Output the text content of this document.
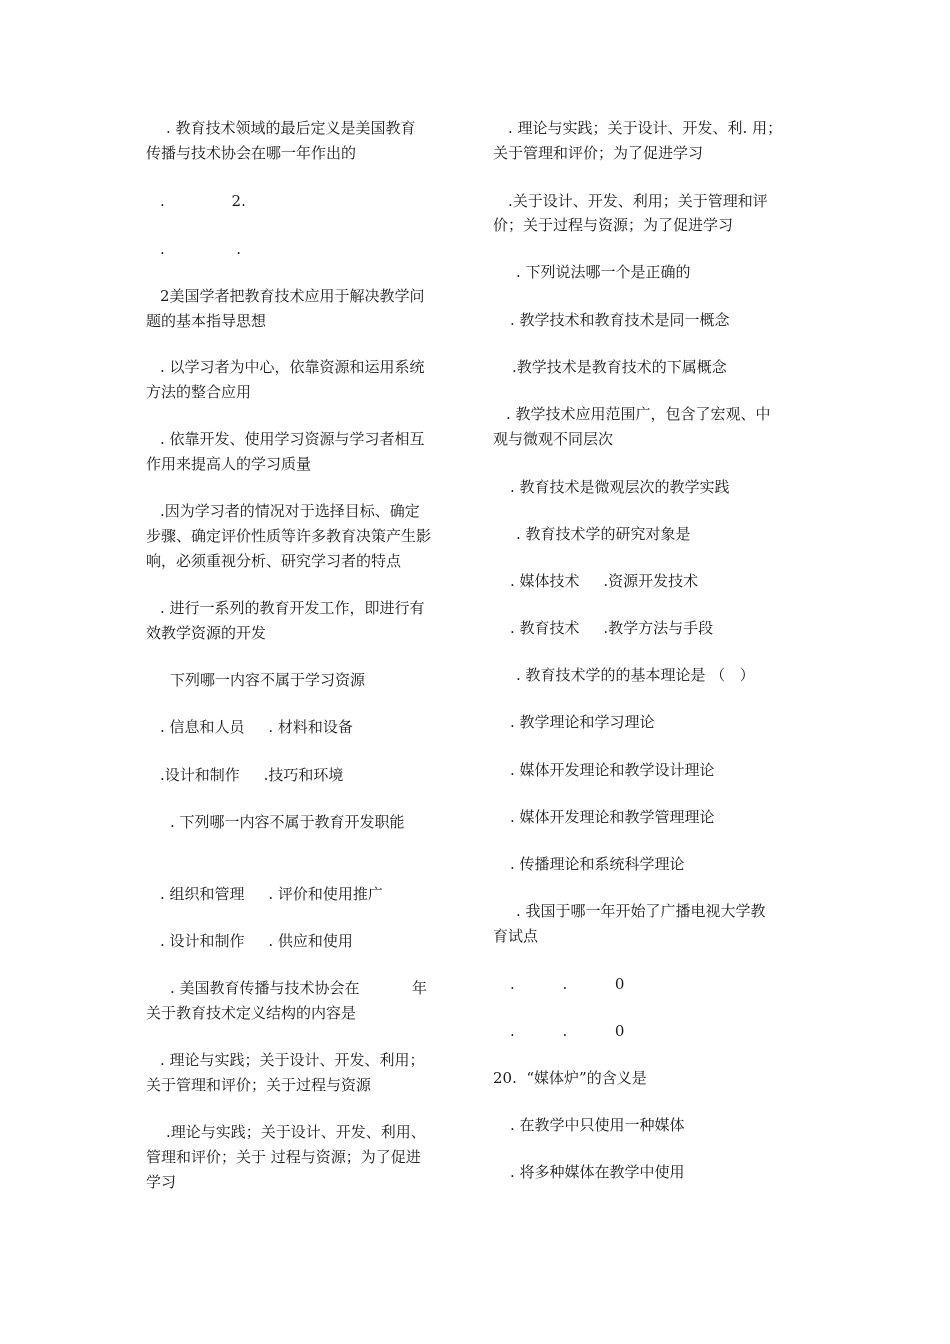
. 教育技术领域的最后定义是美国教育
传播与技术协会在哪一年作出的
.              2.
.               .
2美国学者把教育技术应用于解决教学问
题的基本指导思想
. 以学习者为中心，依靠资源和运用系统
方法的整合应用
. 依靠开发、使用学习资源与学习者相互
作用来提高人的学习质量
.因为学习者的情况对于选择目标、确定
步骤、确定评价性质等许多教育决策产生影
响，必须重视分析、研究学习者的特点
. 进行一系列的教育开发工作，即进行有
效教学资源的开发
下列哪一内容不属于学习资源
. 信息和人员     . 材料和设备
.设计和制作     .技巧和环境
. 下列哪一内容不属于教育开发职能
. 组织和管理     . 评价和使用推广
. 设计和制作     . 供应和使用
. 美国教育传播与技术协会在           年
关于教育技术定义结构的内容是
. 理论与实践；关于设计、开发、利用；
关于管理和评价；关于过程与资源
.理论与实践；关于设计、开发、利用、
管理和评价；关于 过程与资源；为了促进
学习
. 理论与实践；关于设计、开发、利. 用；
关于管理和评价；为了促进学习
.关于设计、开发、利用；关于管理和评
价；关于过程与资源；为了促进学习
. 下列说法哪一个是正确的
. 教学技术和教育技术是同一概念
.教学技术是教育技术的下属概念
. 教学技术应用范围广，包含了宏观、中
观与微观不同层次
. 教育技术是微观层次的教学实践
. 教育技术学的研究对象是
. 媒体技术     .资源开发技术
. 教育技术     .教学方法与手段
. 教育技术学的的基本理论是 （   ）
. 教学理论和学习理论
. 媒体开发理论和教学设计理论
. 媒体开发理论和教学管理理论
. 传播理论和系统科学理论
. 我国于哪一年开始了广播电视大学教
育试点
.          .          0
.          .          0
20.  “媒体炉”的含义是
. 在教学中只使用一种媒体
. 将多种媒体在教学中使用
